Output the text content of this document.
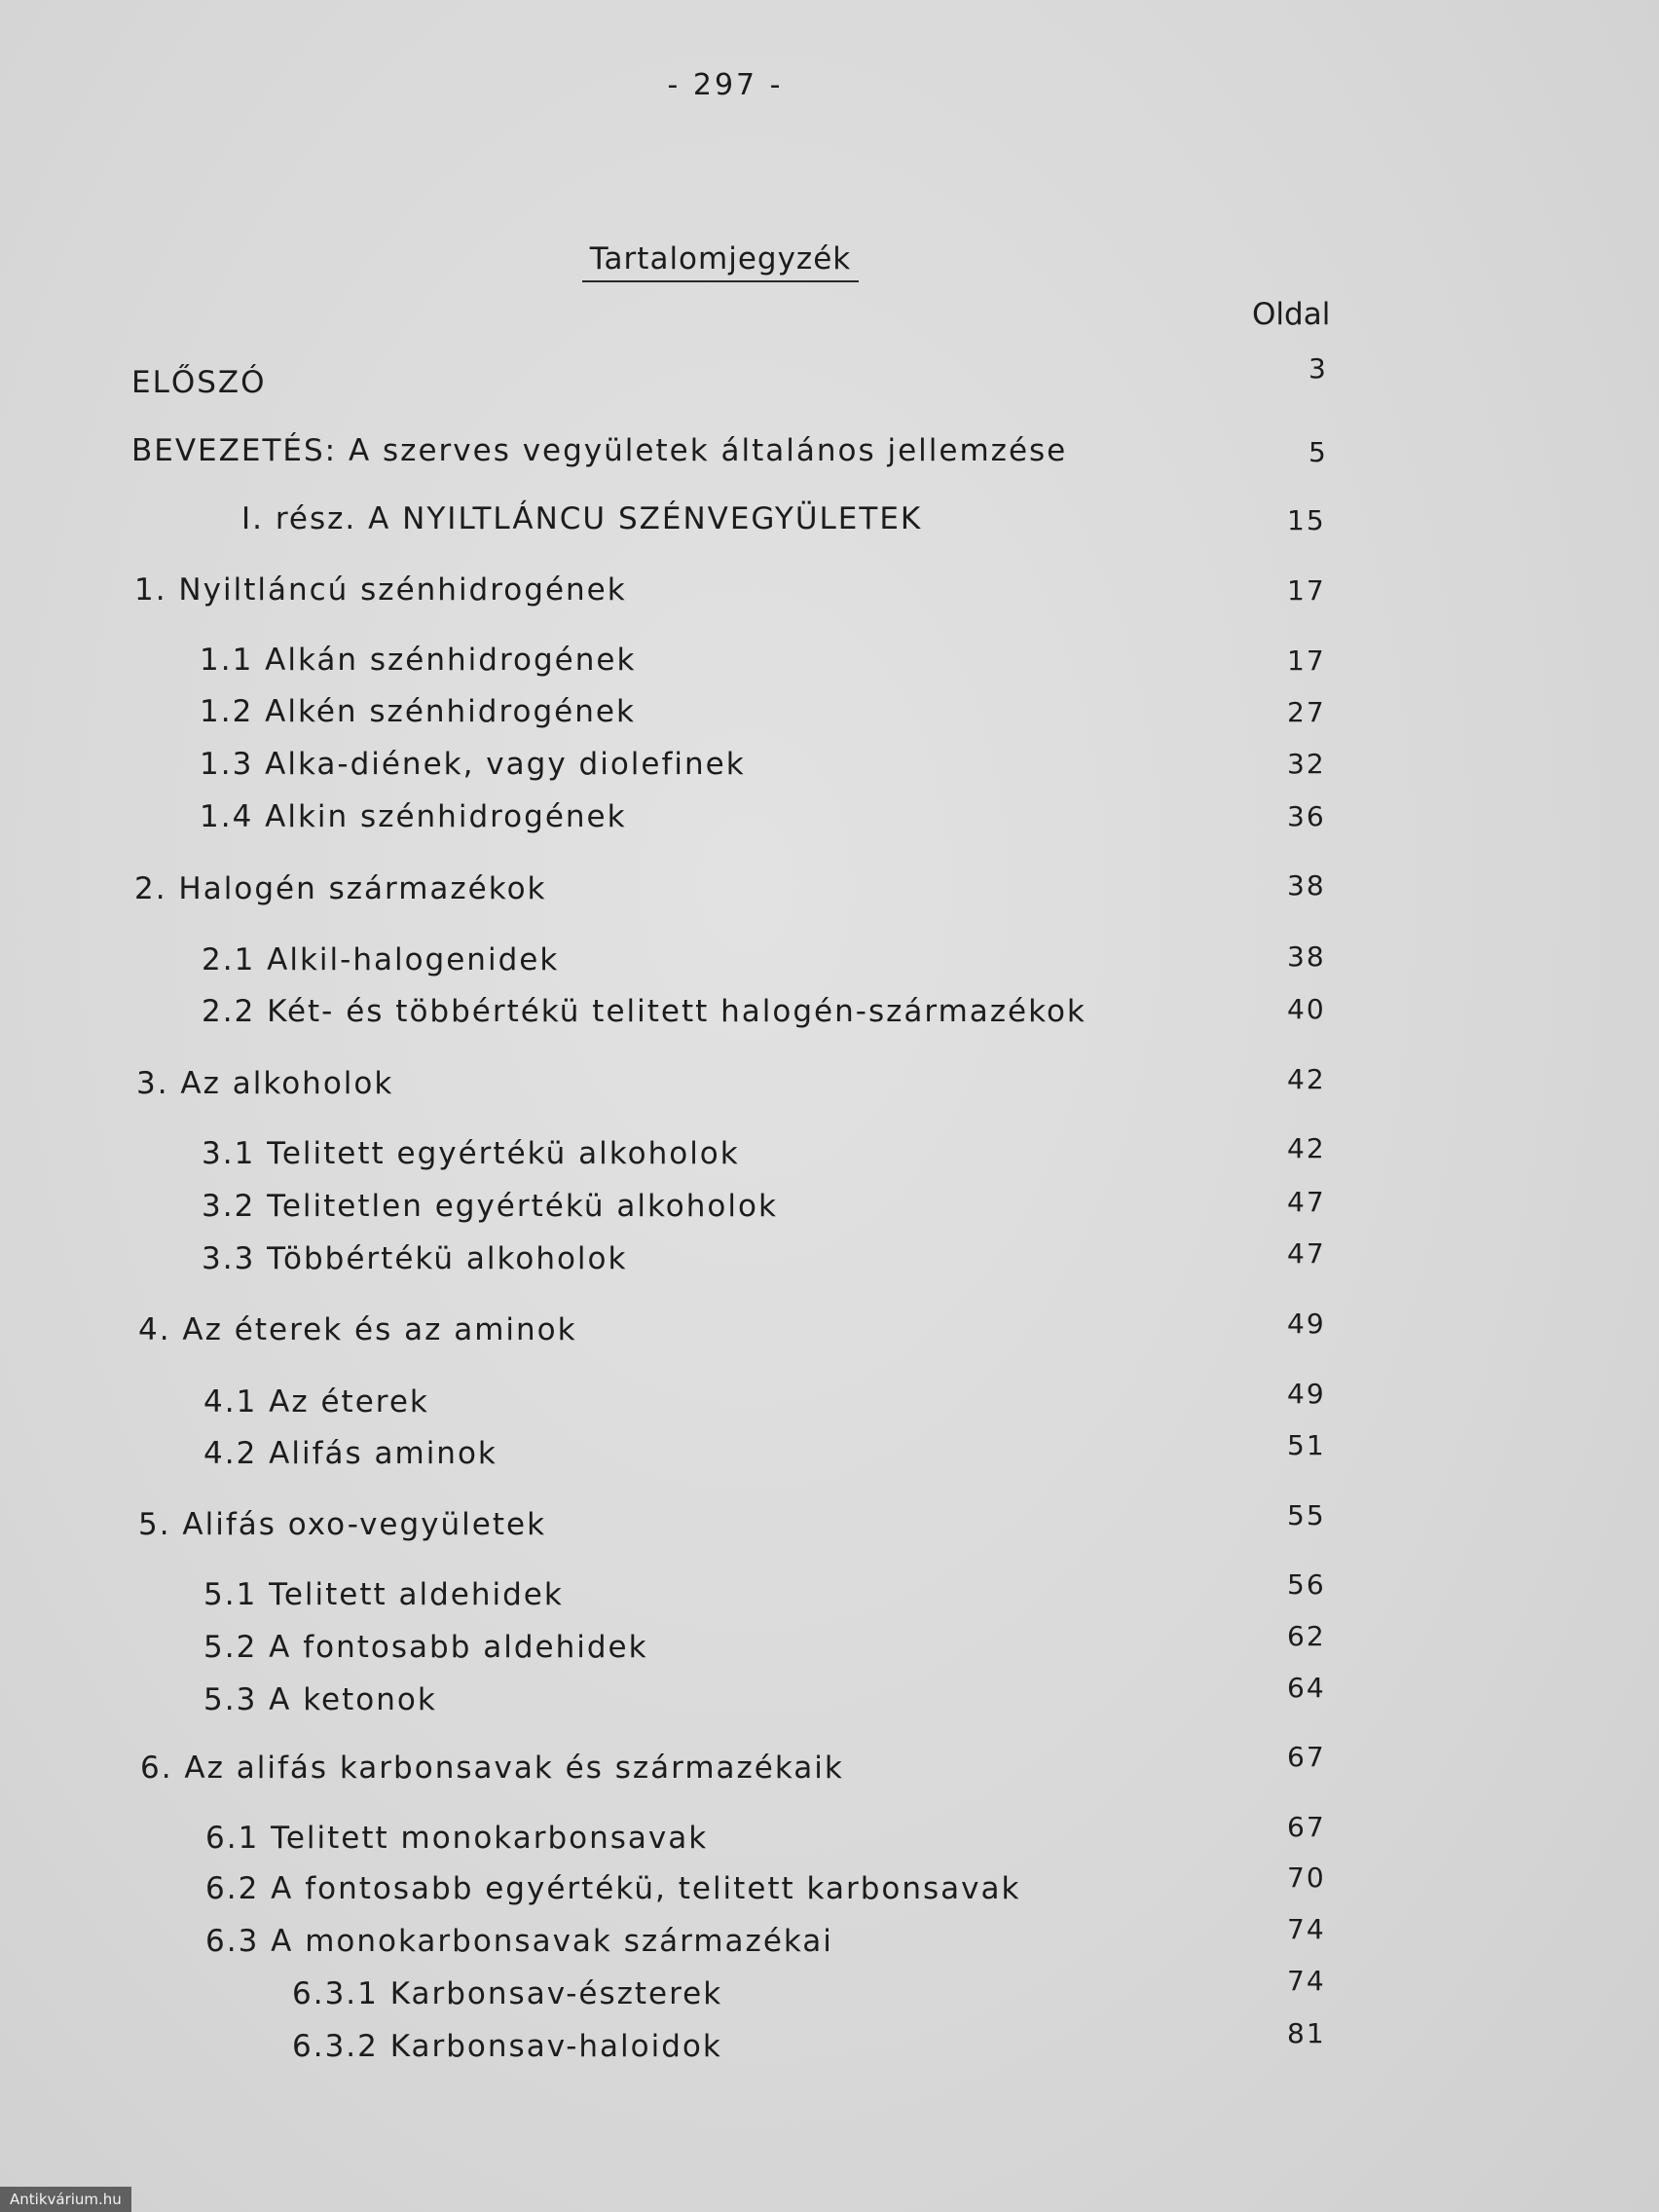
- 297 -
Tartalomjegyzék
Oldal
ELŐSZÓ	3
BEVEZETÉS: A szerves vegyületek általános jellemzése	5
I. rész. A NYILTLÁNCU SZÉNVEGYÜLETEK	15
1. Nyiltláncú szénhidrogének	17
1.1 Alkán szénhidrogének	17
1.2 Alkén szénhidrogének	27
1.3 Alka-diének, vagy diolefinek	32
1.4 Alkin szénhidrogének	36
2. Halogén származékok	38
2.1 Alkil-halogenidek	38
2.2 Két- és többértékü telitett halogén-származékok	40
3. Az alkoholok	42
3.1 Telitett egyértékü alkoholok	42
3.2 Telitetlen egyértékü alkoholok	47
3.3 Többértékü alkoholok	47
4. Az éterek és az aminok	49
4.1 Az éterek	49
4.2 Alifás aminok	51
5. Alifás oxo-vegyületek	55
5.1 Telitett aldehidek	56
5.2 A fontosabb aldehidek	62
5.3 A ketonok	64
6. Az alifás karbonsavak és származékaik	67
6.1 Telitett monokarbonsavak	67
6.2 A fontosabb egyértékü, telitett karbonsavak	70
6.3 A monokarbonsavak származékai	74
6.3.1 Karbonsav-észterek	74
6.3.2 Karbonsav-haloidok	81
Antikvárium.hu
